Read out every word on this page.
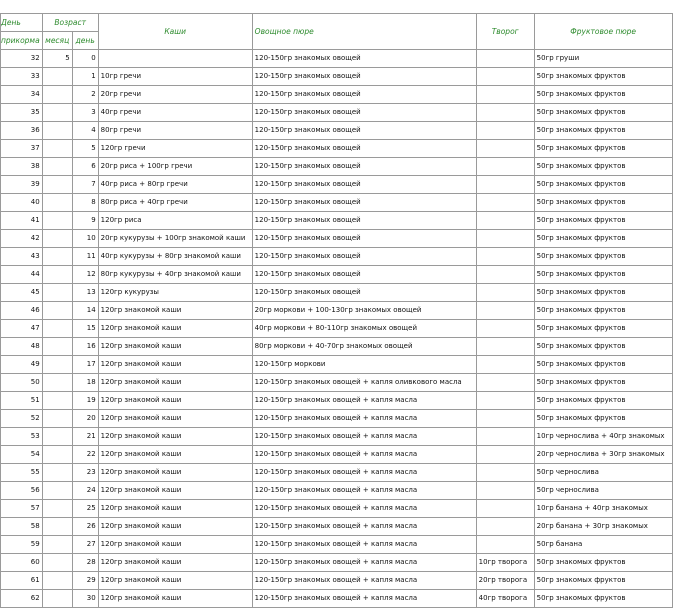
День	Возраст		Каши	Овощное пюре	Творог	Фруктовое пюре
прикорма	месяц	день				
32	5	0		120-150гр знакомых овощей		50гр груши
33		1	10гр гречи	120-150гр знакомых овощей		50гр знакомых фруктов
34		2	20гр гречи	120-150гр знакомых овощей		50гр знакомых фруктов
35		3	40гр гречи	120-150гр знакомых овощей		50гр знакомых фруктов
36		4	80гр гречи	120-150гр знакомых овощей		50гр знакомых фруктов
37		5	120гр гречи	120-150гр знакомых овощей		50гр знакомых фруктов
38		6	20гр риса + 100гр гречи	120-150гр знакомых овощей		50гр знакомых фруктов
39		7	40гр риса + 80гр гречи	120-150гр знакомых овощей		50гр знакомых фруктов
40		8	80гр риса + 40гр гречи	120-150гр знакомых овощей		50гр знакомых фруктов
41		9	120гр риса	120-150гр знакомых овощей		50гр знакомых фруктов
42		10	20гр кукурузы + 100гр знакомой каши	120-150гр знакомых овощей		50гр знакомых фруктов
43		11	40гр кукурузы + 80гр знакомой каши	120-150гр знакомых овощей		50гр знакомых фруктов
44		12	80гр кукурузы + 40гр знакомой каши	120-150гр знакомых овощей		50гр знакомых фруктов
45		13	120гр кукурузы	120-150гр знакомых овощей		50гр знакомых фруктов
46		14	120гр знакомой каши	20гр моркови + 100-130гр знакомых овощей		50гр знакомых фруктов
47		15	120гр знакомой каши	40гр моркови + 80-110гр знакомых овощей		50гр знакомых фруктов
48		16	120гр знакомой каши	80гр моркови + 40-70гр знакомых овощей		50гр знакомых фруктов
49		17	120гр знакомой каши	120-150гр моркови		50гр знакомых фруктов
50		18	120гр знакомой каши	120-150гр знакомых овощей + капля оливкового масла		50гр знакомых фруктов
51		19	120гр знакомой каши	120-150гр знакомых овощей + капля масла		50гр знакомых фруктов
52		20	120гр знакомой каши	120-150гр знакомых овощей + капля масла		50гр знакомых фруктов
53		21	120гр знакомой каши	120-150гр знакомых овощей + капля масла		10гр чернослива + 40гр знакомых
54		22	120гр знакомой каши	120-150гр знакомых овощей + капля масла		20гр чернослива + 30гр знакомых
55		23	120гр знакомой каши	120-150гр знакомых овощей + капля масла		50гр чернослива
56		24	120гр знакомой каши	120-150гр знакомых овощей + капля масла		50гр чернослива
57		25	120гр знакомой каши	120-150гр знакомых овощей + капля масла		10гр банана + 40гр знакомых
58		26	120гр знакомой каши	120-150гр знакомых овощей + капля масла		20гр банана + 30гр знакомых
59		27	120гр знакомой каши	120-150гр знакомых овощей + капля масла		50гр банана
60		28	120гр знакомой каши	120-150гр знакомых овощей + капля масла	10гр творога	50гр знакомых фруктов
61		29	120гр знакомой каши	120-150гр знакомых овощей + капля масла	20гр творога	50гр знакомых фруктов
62		30	120гр знакомой каши	120-150гр знакомых овощей + капля масла	40гр творога	50гр знакомых фруктов
